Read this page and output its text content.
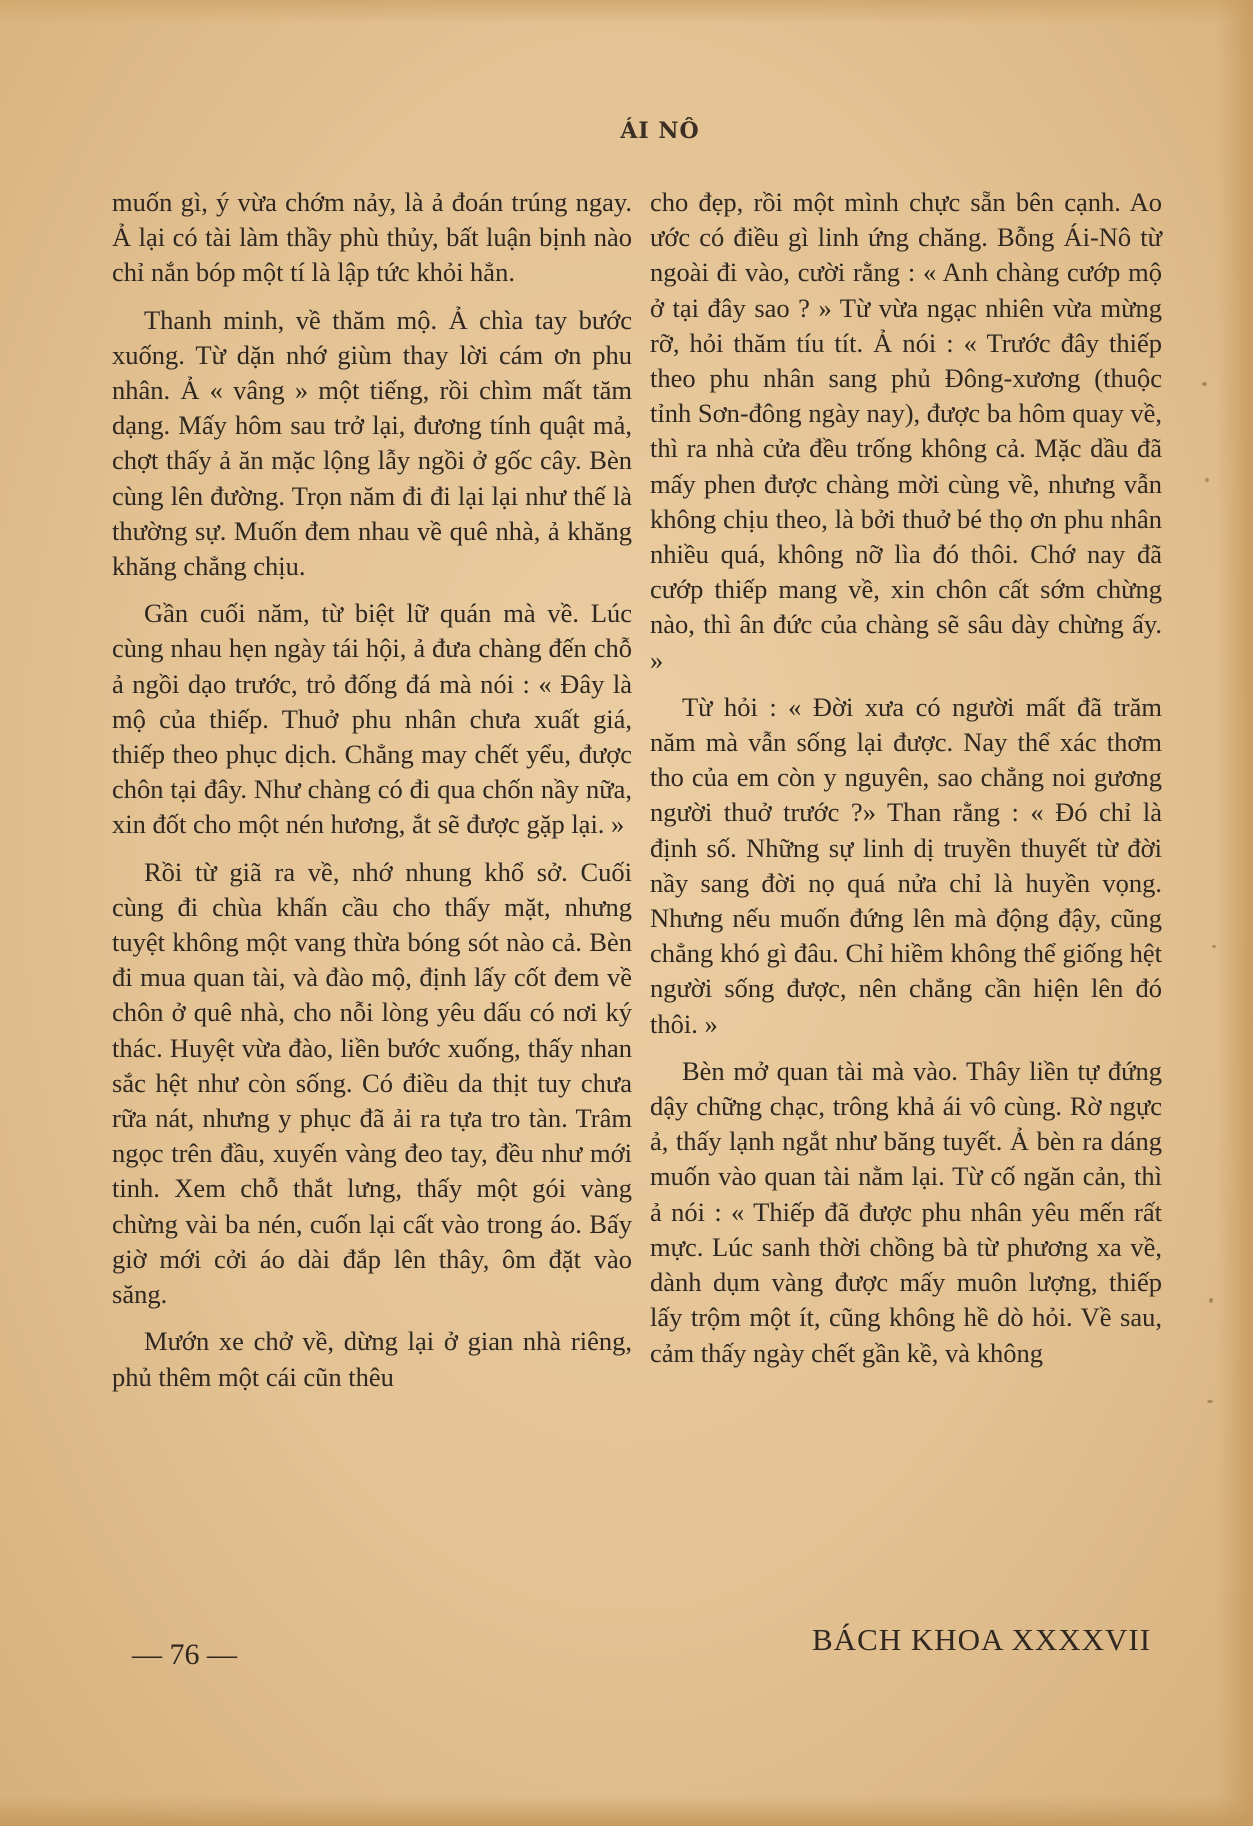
ÁI NÔ

muốn gì, ý vừa chớm nảy, là ả đoán trúng ngay. Ả lại có tài làm thầy phù thủy, bất luận bịnh nào chỉ nắn bóp một tí là lập tức khỏi hẳn.

Thanh minh, về thăm mộ. Ả chìa tay bước xuống. Từ dặn nhớ giùm thay lời cám ơn phu nhân. Ả « vâng » một tiếng, rồi chìm mất tăm dạng. Mấy hôm sau trở lại, đương tính quật mả, chợt thấy ả ăn mặc lộng lẫy ngồi ở gốc cây. Bèn cùng lên đường. Trọn năm đi đi lại lại như thế là thường sự. Muốn đem nhau về quê nhà, ả khăng khăng chẳng chịu.

Gần cuối năm, từ biệt lữ quán mà về. Lúc cùng nhau hẹn ngày tái hội, ả đưa chàng đến chỗ ả ngồi dạo trước, trỏ đống đá mà nói : « Đây là mộ của thiếp. Thuở phu nhân chưa xuất giá, thiếp theo phục dịch. Chẳng may chết yểu, được chôn tại đây. Như chàng có đi qua chốn nầy nữa, xin đốt cho một nén hương, ắt sẽ được gặp lại. »

Rồi từ giã ra về, nhớ nhung khổ sở. Cuối cùng đi chùa khấn cầu cho thấy mặt, nhưng tuyệt không một vang thừa bóng sót nào cả. Bèn đi mua quan tài, và đào mộ, định lấy cốt đem về chôn ở quê nhà, cho nỗi lòng yêu dấu có nơi ký thác. Huyệt vừa đào, liền bước xuống, thấy nhan sắc hệt như còn sống. Có điều da thịt tuy chưa rữa nát, nhưng y phục đã ải ra tựa tro tàn. Trâm ngọc trên đầu, xuyến vàng đeo tay, đều như mới tinh. Xem chỗ thắt lưng, thấy một gói vàng chừng vài ba nén, cuốn lại cất vào trong áo. Bấy giờ mới cởi áo dài đắp lên thây, ôm đặt vào săng.

Mướn xe chở về, dừng lại ở gian nhà riêng, phủ thêm một cái cũn thêu

cho đẹp, rồi một mình chực sẵn bên cạnh. Ao ước có điều gì linh ứng chăng. Bỗng Ái-Nô từ ngoài đi vào, cười rằng : « Anh chàng cướp mộ ở tại đây sao ? » Từ vừa ngạc nhiên vừa mừng rỡ, hỏi thăm tíu tít. Ả nói : « Trước đây thiếp theo phu nhân sang phủ Đông-xương (thuộc tỉnh Sơn-đông ngày nay), được ba hôm quay về, thì ra nhà cửa đều trống không cả. Mặc dầu đã mấy phen được chàng mời cùng về, nhưng vẫn không chịu theo, là bởi thuở bé thọ ơn phu nhân nhiều quá, không nỡ lìa đó thôi. Chớ nay đã cướp thiếp mang về, xin chôn cất sớm chừng nào, thì ân đức của chàng sẽ sâu dày chừng ấy. »

Từ hỏi : « Đời xưa có người mất đã trăm năm mà vẫn sống lại được. Nay thể xác thơm tho của em còn y nguyên, sao chẳng noi gương người thuở trước ?» Than rằng : « Đó chỉ là định số. Những sự linh dị truyền thuyết từ đời nầy sang đời nọ quá nửa chỉ là huyền vọng. Nhưng nếu muốn đứng lên mà động đậy, cũng chẳng khó gì đâu. Chỉ hiềm không thể giống hệt người sống được, nên chẳng cần hiện lên đó thôi. »

Bèn mở quan tài mà vào. Thây liền tự đứng dậy chững chạc, trông khả ái vô cùng. Rờ ngực ả, thấy lạnh ngắt như băng tuyết. Ả bèn ra dáng muốn vào quan tài nằm lại. Từ cố ngăn cản, thì ả nói : « Thiếp đã được phu nhân yêu mến rất mực. Lúc sanh thời chồng bà từ phương xa về, dành dụm vàng được mấy muôn lượng, thiếp lấy trộm một ít, cũng không hề dò hỏi. Về sau, cảm thấy ngày chết gần kề, và không

— 76 —	BÁCH KHOA XXXXVII
